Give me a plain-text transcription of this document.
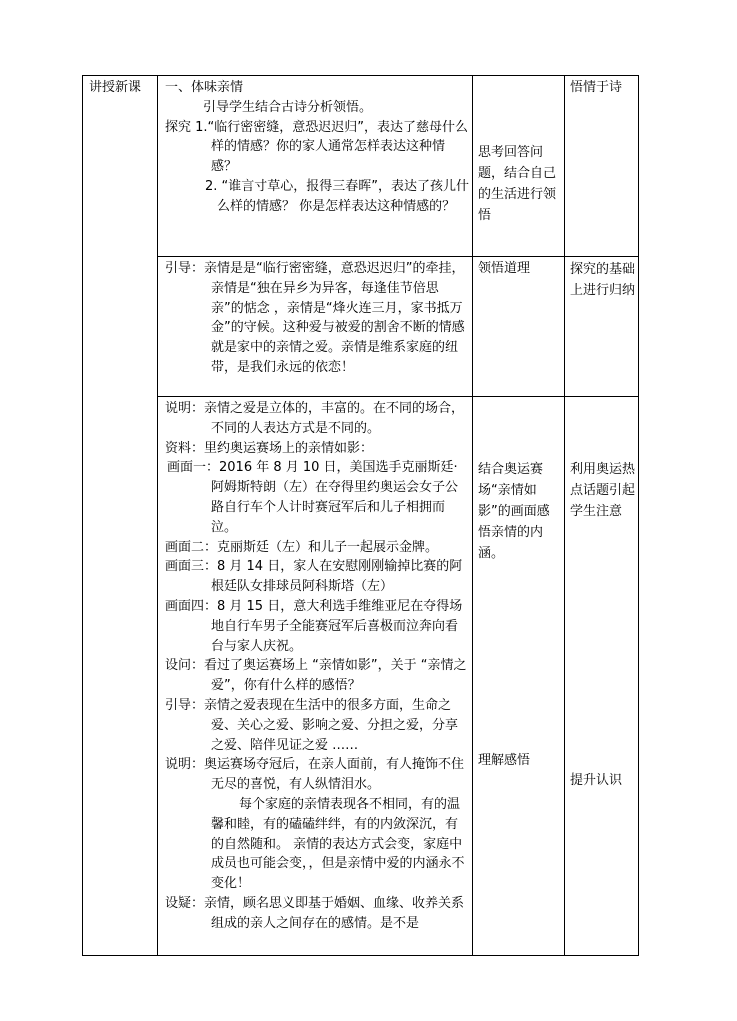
讲授新课	一、体味亲情

引导学生结合古诗分析领悟。

探究 1.“临行密密缝，意恐迟迟归”，表达了慈母什么样的情感？你的家人通常怎样表达这种情感？

2. “谁言寸草心，报得三春晖”，表达了孩儿什么样的情感？ 你是怎样表达这种情感的？

思考回答问题，结合自己的生活进行领悟
悟情于诗

引导：亲情是是“临行密密缝，意恐迟迟归”的牵挂，亲情是“独在异乡为异客，每逢佳节倍思亲”的惦念 ，亲情是“烽火连三月，家书抵万金”的守候。这种爱与被爱的割舍不断的情感就是家中的亲情之爱。亲情是维系家庭的纽带，是我们永远的依恋！

领悟道理	探究的基础上进行归纳

说明：亲情之爱是立体的，丰富的。在不同的场合，不同的人表达方式是不同的。

资料：里约奥运赛场上的亲情如影：

画面一：2016 年 8 月 10 日，美国选手克丽斯廷·阿姆斯特朗（左）在夺得里约奥运会女子公路自行车个人计时赛冠军后和儿子相拥而泣。

画面二：克丽斯廷（左）和儿子一起展示金牌。

画面三：8 月 14 日，家人在安慰刚刚输掉比赛的阿根廷队女排球员阿科斯塔（左）

画面四：8 月 15 日，意大利选手维维亚尼在夺得场地自行车男子全能赛冠军后喜极而泣奔向看台与家人庆祝。

设问：看过了奥运赛场上 “亲情如影”，关于 “亲情之爱”，你有什么样的感悟？

引导：亲情之爱表现在生活中的很多方面，生命之爱、关心之爱、影响之爱、分担之爱，分享之爱、陪伴见证之爱 ……

说明：奥运赛场夺冠后，在亲人面前，有人掩饰不住无尽的喜悦，有人纵情泪水。

每个家庭的亲情表现各不相同，有的温馨和睦，有的磕磕绊绊，有的内敛深沉，有的自然随和。 亲情的表达方式会变，家庭中成员也可能会变，，但是亲情中爱的内涵永不变化！

设疑：亲情，顾名思义即基于婚姻、血缘、收养关系组成的亲人之间存在的感情。是不是

结合奥运赛场“亲情如影”的画面感悟亲情的内涵。
利用奥运热点话题引起学生注意
理解感悟
提升认识
